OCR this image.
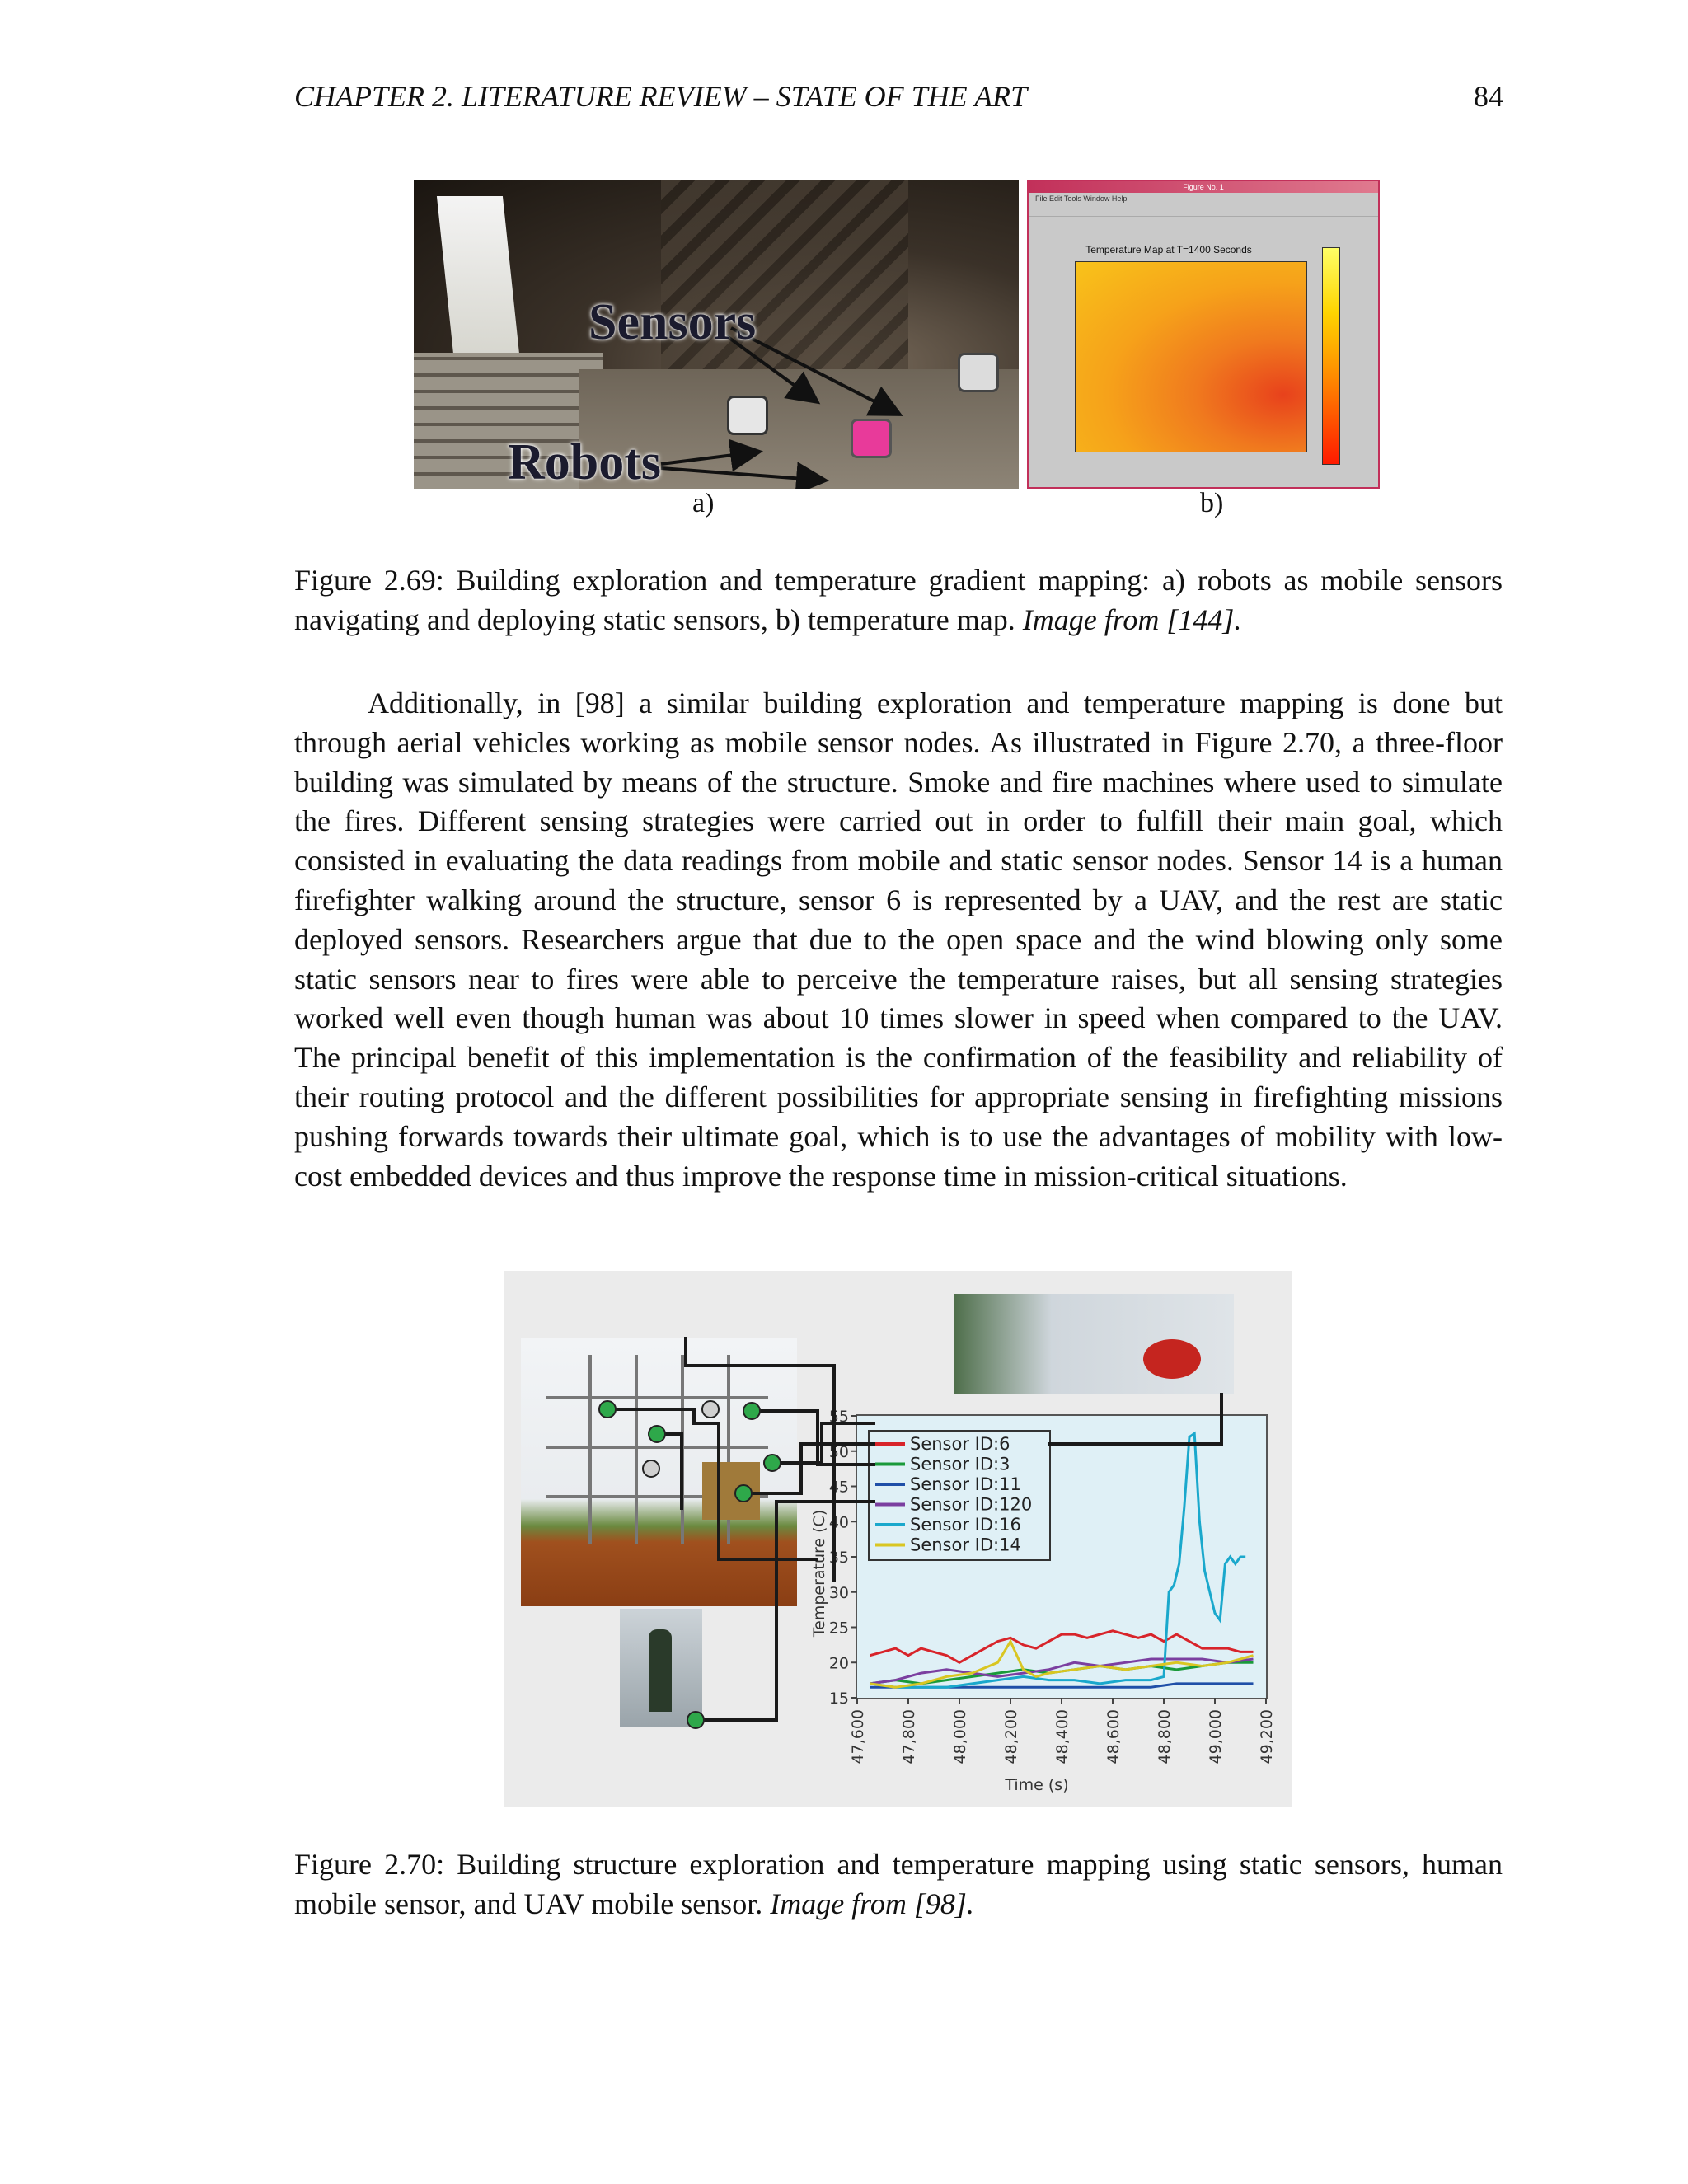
CHAPTER 2. LITERATURE REVIEW – STATE OF THE ART	84
Sensors
Robots
Figure No. 1
File Edit Tools Window Help
Temperature Map at T=1400 Seconds
a)	b)
Figure 2.69: Building exploration and temperature gradient mapping: a) robots as mobile sensors navigating and deploying static sensors, b) temperature map. Image from [144].
Additionally, in [98] a similar building exploration and temperature mapping is done but through aerial vehicles working as mobile sensor nodes. As illustrated in Figure 2.70, a three-floor building was simulated by means of the structure. Smoke and fire machines where used to simulate the fires. Different sensing strategies were carried out in order to fulfill their main goal, which consisted in evaluating the data readings from mobile and static sensor nodes. Sensor 14 is a human firefighter walking around the structure, sensor 6 is represented by a UAV, and the rest are static deployed sensors. Researchers argue that due to the open space and the wind blowing only some static sensors near to fires were able to perceive the temperature raises, but all sensing strategies worked well even though human was about 10 times slower in speed when compared to the UAV. The principal benefit of this implementation is the confirmation of the feasibility and reliability of their routing protocol and the different possibilities for appropriate sensing in firefighting missions pushing forwards towards their ultimate goal, which is to use the advantages of mobility with low-cost embedded devices and thus improve the response time in mission-critical situations.
15
20
25
30
35
40
45
50
55
47,600 47,800 48,000 48,200 48,400 48,600 48,800 49,000 49,200
Time (s)
Temperature (C)
Sensor ID:6
Sensor ID:3
Sensor ID:11
Sensor ID:120
Sensor ID:16
Sensor ID:14
Figure 2.70: Building structure exploration and temperature mapping using static sensors, human mobile sensor, and UAV mobile sensor. Image from [98].
